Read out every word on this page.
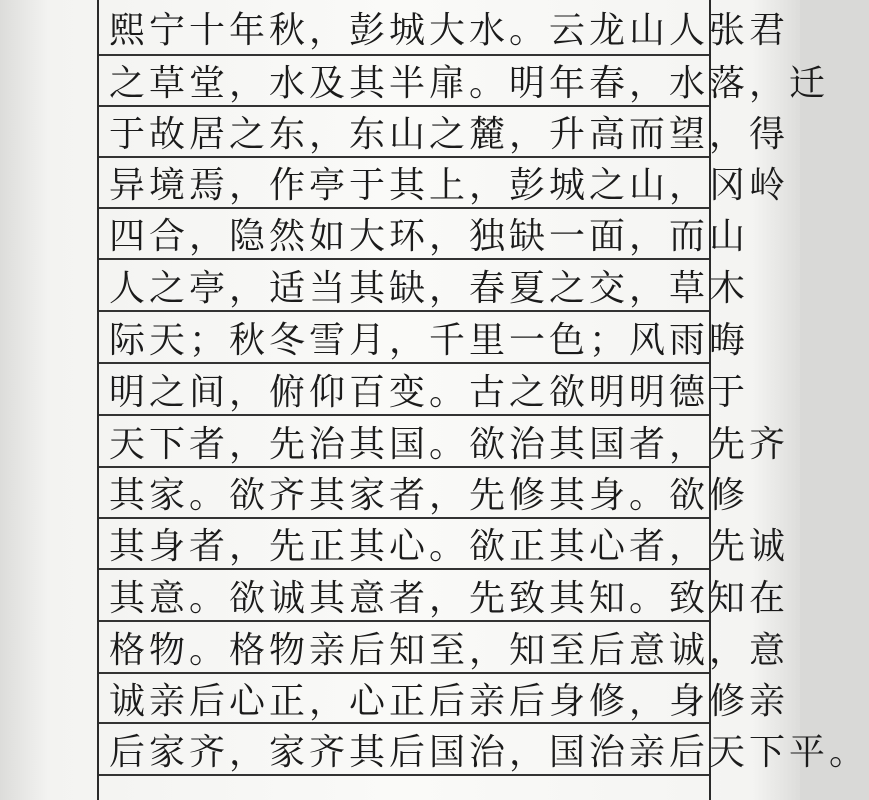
熙宁十年秋，彭城大水。云龙山人张君
之草堂，水及其半扉。明年春，水落，迁
于故居之东，东山之麓，升高而望，得
异境焉，作亭于其上，彭城之山，冈岭
四合，隐然如大环，独缺一面，而山
人之亭，适当其缺，春夏之交，草木
际天；秋冬雪月，千里一色；风雨晦
明之间，俯仰百变。古之欲明明德于
天下者，先治其国。欲治其国者，先齐
其家。欲齐其家者，先修其身。欲修
其身者，先正其心。欲正其心者，先诚
其意。欲诚其意者，先致其知。致知在
格物。格物亲后知至，知至后意诚，意
诚亲后心正，心正后亲后身修，身修亲
后家齐，家齐其后国治，国治亲后天下平。
